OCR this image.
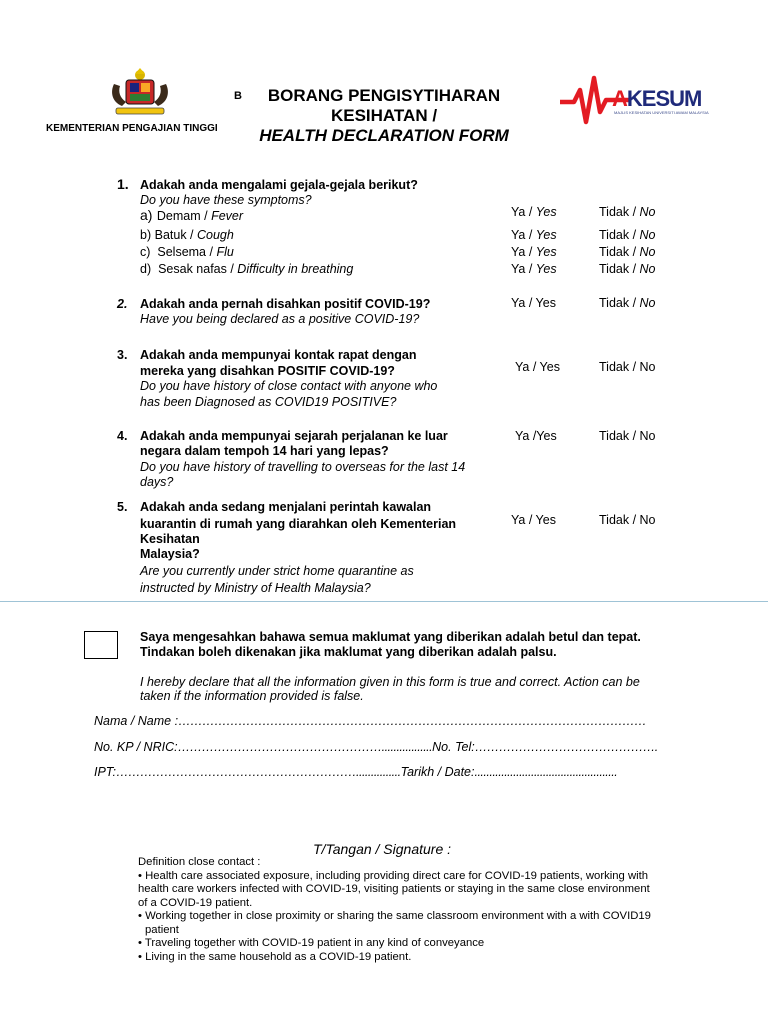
KEMENTERIAN PENGAJIAN TINGGI
B	BORANG PENGISYTIHARAN
KESIHATAN /
HEALTH DECLARATION FORM
AKESUM
MAJLIS KESIHATAN UNIVERSITI AWAM MALAYSIA
1. Adakah anda mengalami gejala-gejala berikut?
Do you have these symptoms?
a) Demam / Fever	Ya / Yes	Tidak / No
b) Batuk / Cough	Ya / Yes	Tidak / No
c) Selsema / Flu	Ya / Yes	Tidak / No
d) Sesak nafas / Difficulty in breathing	Ya / Yes	Tidak / No
2. Adakah anda pernah disahkan positif COVID-19?
Have you being declared as a positive COVID-19?
Ya / Yes	Tidak / No
3. Adakah anda mempunyai kontak rapat dengan
mereka yang disahkan POSITIF COVID-19?
Do you have history of close contact with anyone who
has been Diagnosed as COVID19 POSITIVE?
Ya / Yes	Tidak / No
4. Adakah anda mempunyai sejarah perjalanan ke luar
negara dalam tempoh 14 hari yang lepas?
Do you have history of travelling to overseas for the last 14
days?
Ya /Yes	Tidak / No
5. Adakah anda sedang menjalani perintah kawalan
kuarantin di rumah yang diarahkan oleh Kementerian
Kesihatan
Malaysia?
Are you currently under strict home quarantine as
instructed by Ministry of Health Malaysia?
Ya / Yes	Tidak / No
Saya mengesahkan bahawa semua maklumat yang diberikan adalah betul dan tepat.
Tindakan boleh dikenakan jika maklumat yang diberikan adalah palsu.
I hereby declare that all the information given in this form is true and correct. Action can be
taken if the information provided is false.
Nama / Name :………………………………………………………………………………………………………
No. KP / NRIC:…………………………………………….................No. Tel:……………………………………….
IPT:……………………………………………………...............Tarikh / Date:................................................
T/Tangan / Signature :
Definition close contact :
• Health care associated exposure, including providing direct care for COVID-19 patients, working with
health care workers infected with COVID-19, visiting patients or staying in the same close environment
of a COVID-19 patient.
• Working together in close proximity or sharing the same classroom environment with a with COVID19
patient
• Traveling together with COVID-19 patient in any kind of conveyance
• Living in the same household as a COVID-19 patient.
